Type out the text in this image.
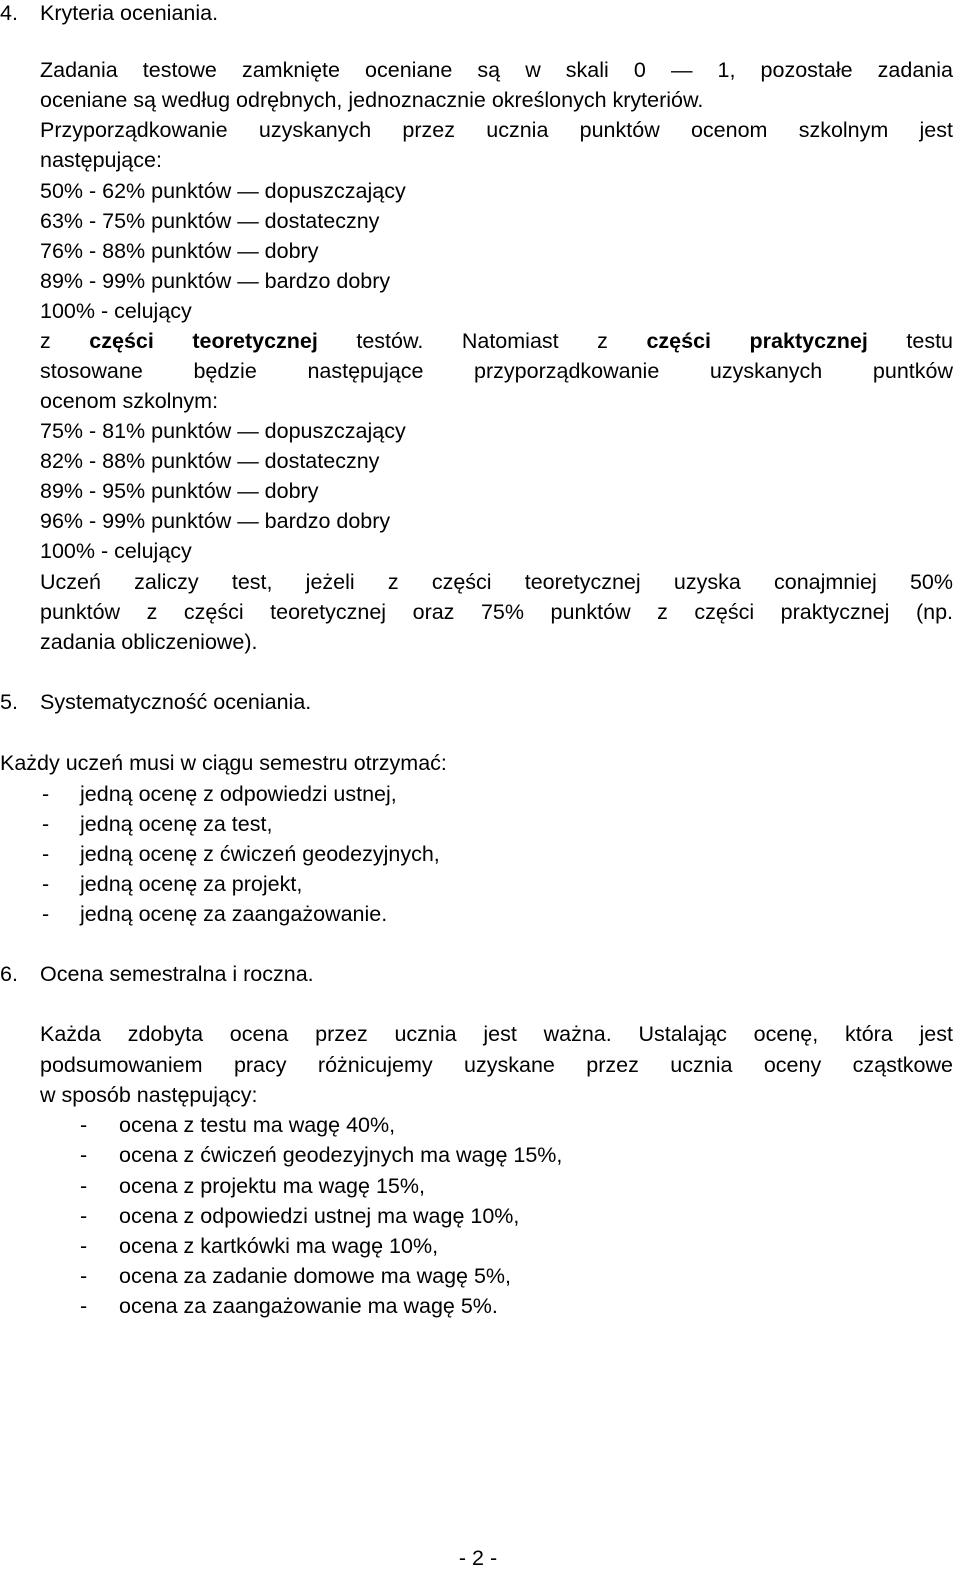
4. Kryteria oceniania.
Zadania testowe zamknięte oceniane są w skali 0 — 1, pozostałe zadania
oceniane są według odrębnych, jednoznacznie określonych kryteriów.
Przyporządkowanie uzyskanych przez ucznia punktów ocenom szkolnym jest
następujące:
50% - 62% punktów — dopuszczający
63% - 75% punktów — dostateczny
76% - 88% punktów — dobry
89% - 99% punktów — bardzo dobry
100% - celujący
z części teoretycznej testów. Natomiast z części praktycznej testu
stosowane będzie następujące przyporządkowanie uzyskanych puntków
ocenom szkolnym:
75% - 81% punktów — dopuszczający
82% - 88% punktów — dostateczny
89% - 95% punktów — dobry
96% - 99% punktów — bardzo dobry
100% - celujący
Uczeń zaliczy test, jeżeli z części teoretycznej uzyska conajmniej 50%
punktów z części teoretycznej oraz 75% punktów z części praktycznej (np.
zadania obliczeniowe).
5. Systematyczność oceniania.
Każdy uczeń musi w ciągu semestru otrzymać:
- jedną ocenę z odpowiedzi ustnej,
- jedną ocenę za test,
- jedną ocenę z ćwiczeń geodezyjnych,
- jedną ocenę za projekt,
- jedną ocenę za zaangażowanie.
6. Ocena semestralna i roczna.
Każda zdobyta ocena przez ucznia jest ważna. Ustalając ocenę, która jest
podsumowaniem pracy różnicujemy uzyskane przez ucznia oceny cząstkowe
w sposób następujący:
- ocena z testu ma wagę 40%,
- ocena z ćwiczeń geodezyjnych ma wagę 15%,
- ocena z projektu ma wagę 15%,
- ocena z odpowiedzi ustnej ma wagę 10%,
- ocena z kartkówki ma wagę 10%,
- ocena za zadanie domowe ma wagę 5%,
- ocena za zaangażowanie ma wagę 5%.
- 2 -
